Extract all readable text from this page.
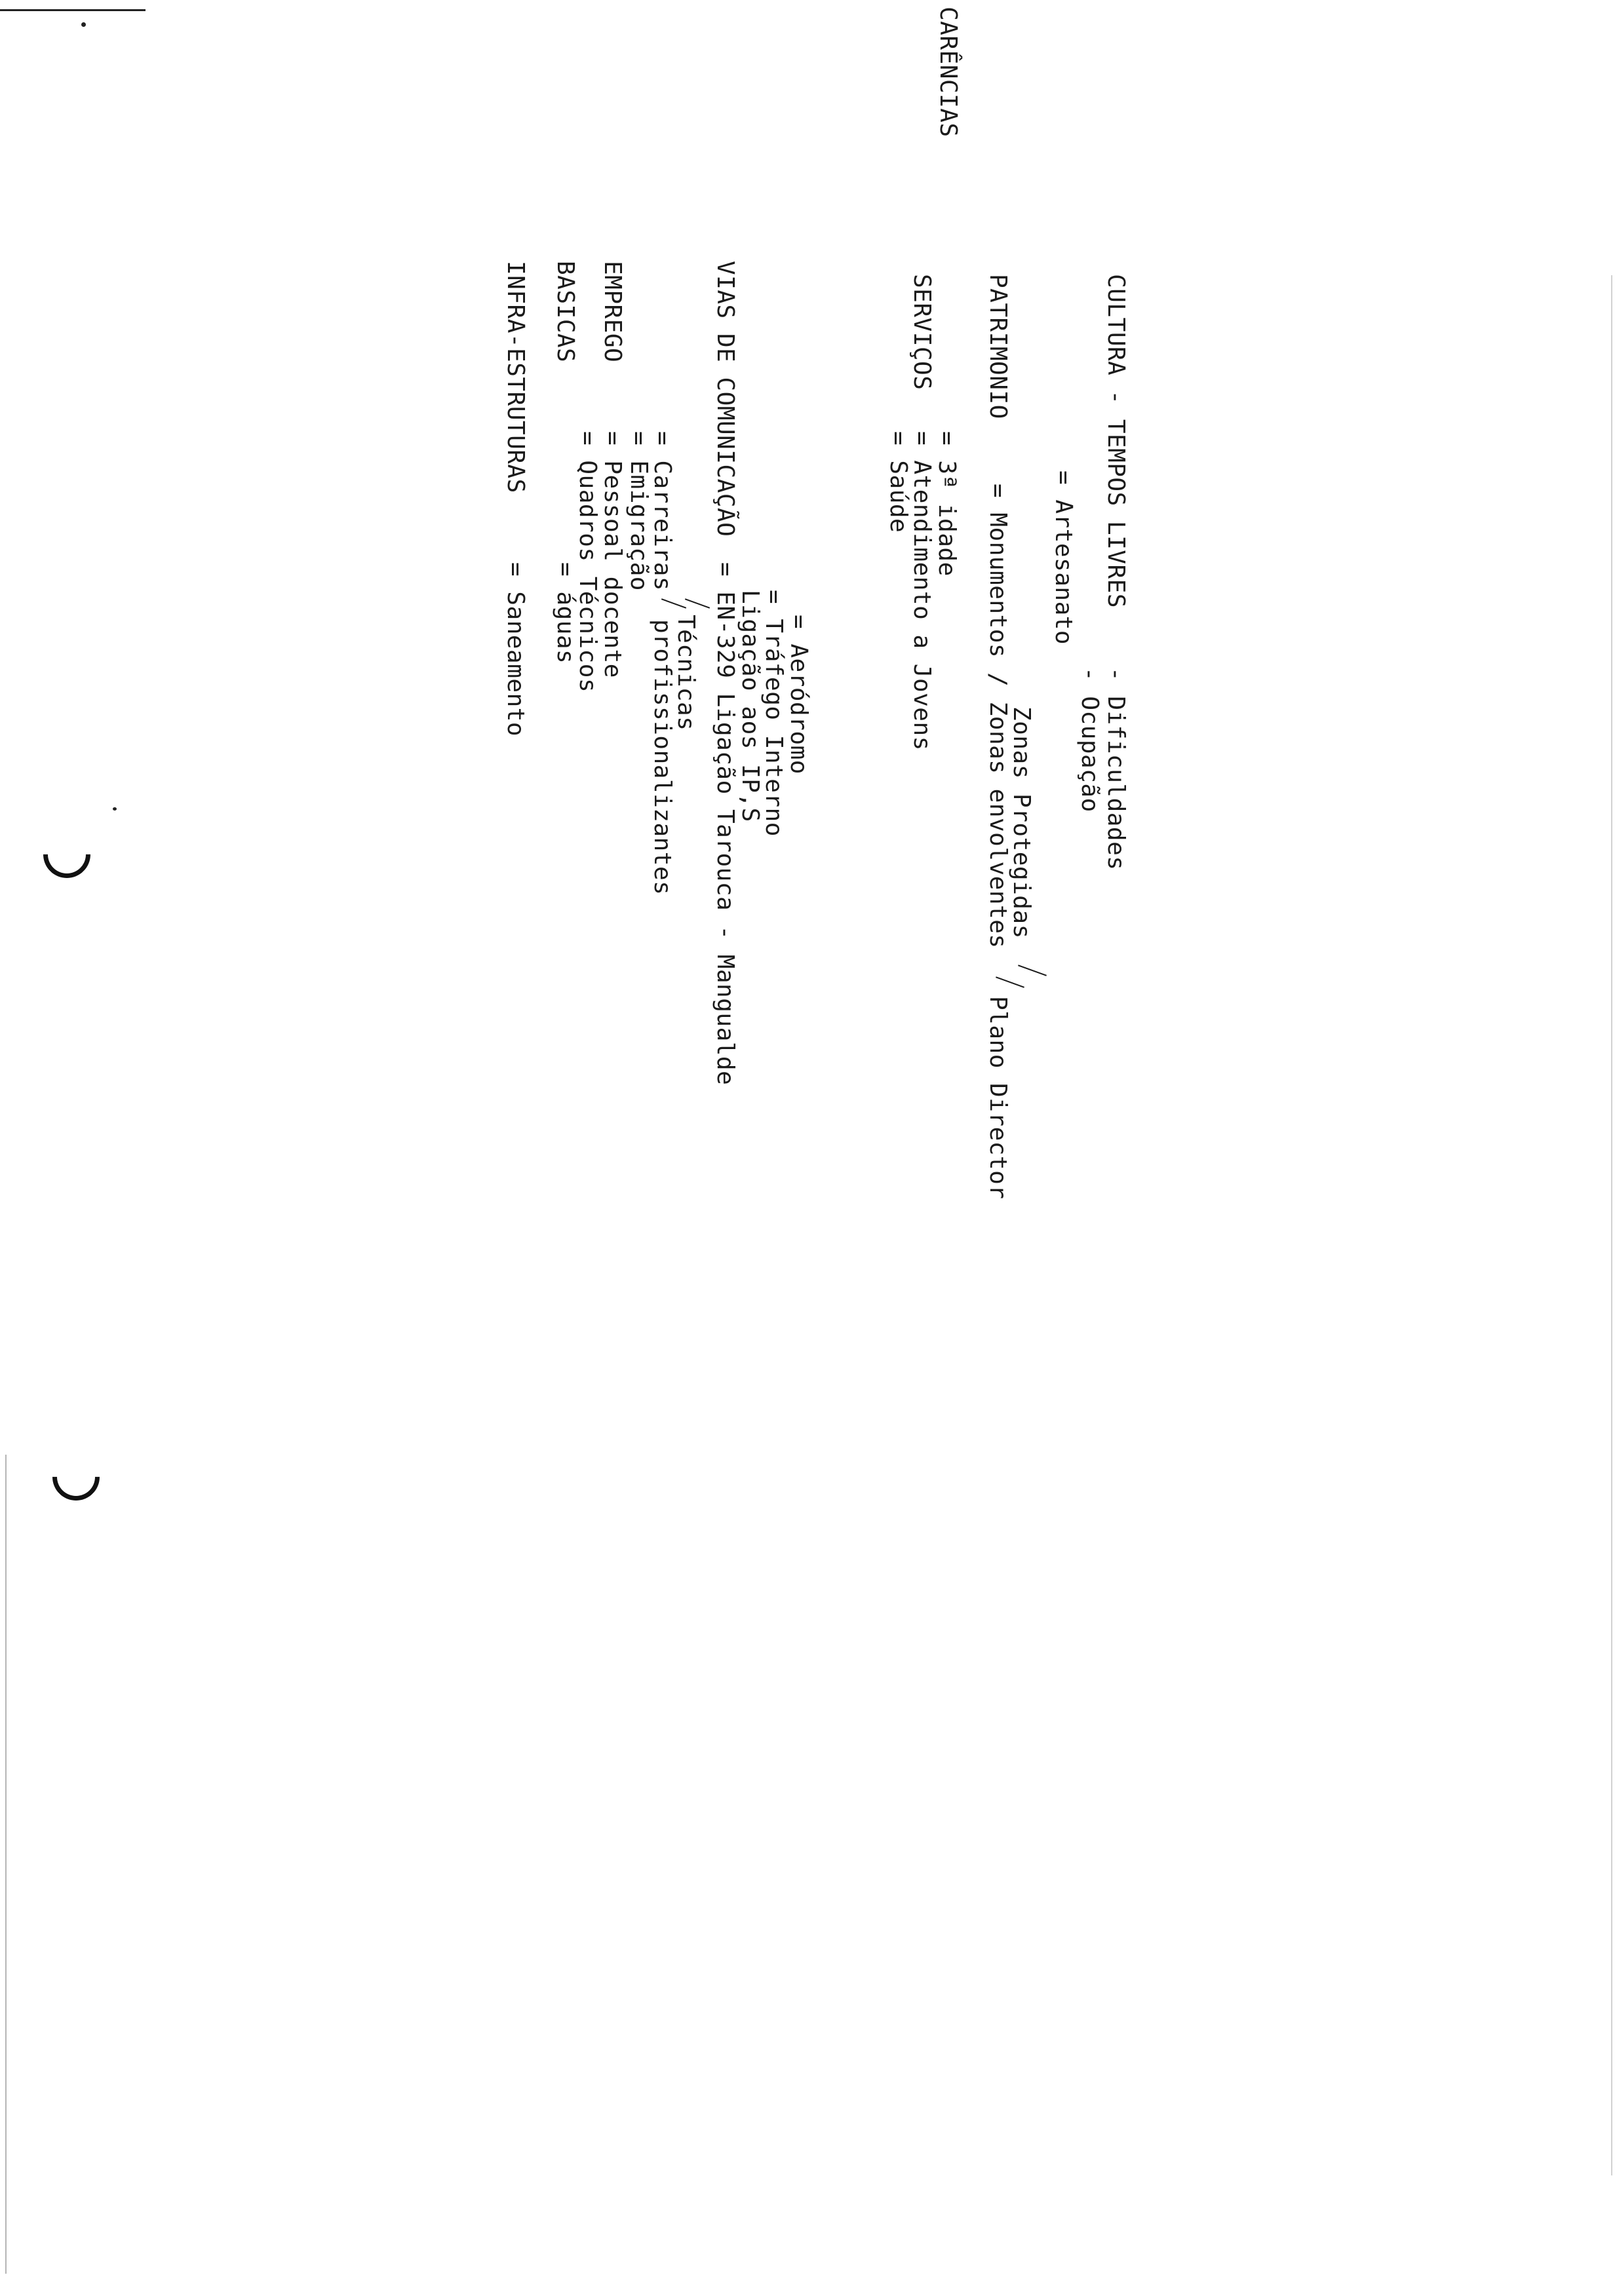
CARÊNCIAS
INFRA-ESTRUTURAS BASICAS
= Saneamento = águas
EMPREGO
= Quadros Técnicos
= Pessoal docente = Emigração
= Carreiras
profissionalizantes
Técnicas
VIAS DE COMUNICAÇÃO
= EN-329 Ligação Tarouca - Mangualde
Ligação aos IP,S
= Tráfego Interno
= Aeródromo
SERVIÇOS
= Saúde
= Atendimento a Jovens
= 3ª idade
PATRIMONIO
= Monumentos / Zonas envolventes
Plano Director
Zonas Protegidas
= Artesanato
- Ocupação
CULTURA - TEMPOS LIVRES
- Dificuldades
